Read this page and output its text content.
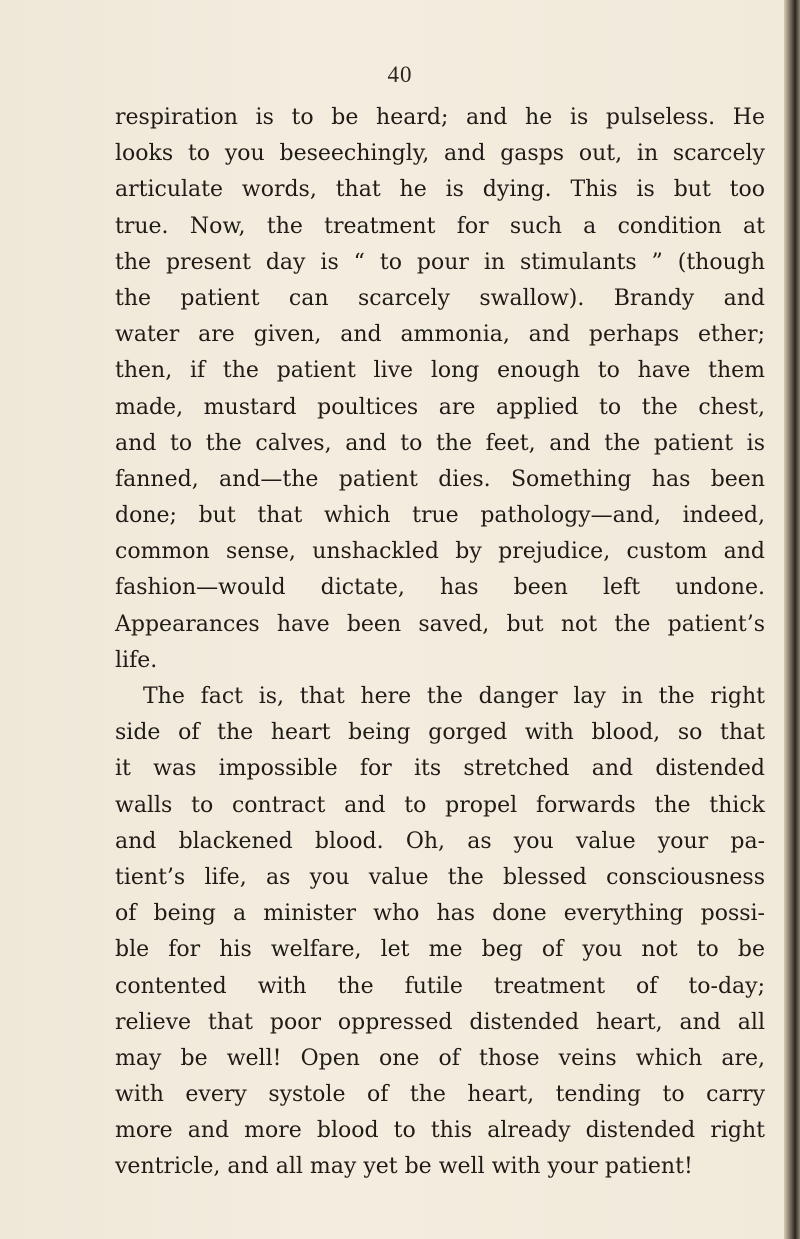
40
respiration is to be heard; and he is pulseless. He
looks to you beseechingly, and gasps out, in scarcely
articulate words, that he is dying. This is but too
true. Now, the treatment for such a condition at
the present day is “ to pour in stimulants ” (though
the patient can scarcely swallow). Brandy and
water are given, and ammonia, and perhaps ether;
then, if the patient live long enough to have them
made, mustard poultices are applied to the chest,
and to the calves, and to the feet, and the patient is
fanned, and—the patient dies. Something has been
done; but that which true pathology—and, indeed,
common sense, unshackled by prejudice, custom and
fashion—would dictate, has been left undone.
Appearances have been saved, but not the patient’s
life.
The fact is, that here the danger lay in the right
side of the heart being gorged with blood, so that
it was impossible for its stretched and distended
walls to contract and to propel forwards the thick
and blackened blood. Oh, as you value your pa-
tient’s life, as you value the blessed consciousness
of being a minister who has done everything possi-
ble for his welfare, let me beg of you not to be
contented with the futile treatment of to-day;
relieve that poor oppressed distended heart, and all
may be well! Open one of those veins which are,
with every systole of the heart, tending to carry
more and more blood to this already distended right
ventricle, and all may yet be well with your patient!
